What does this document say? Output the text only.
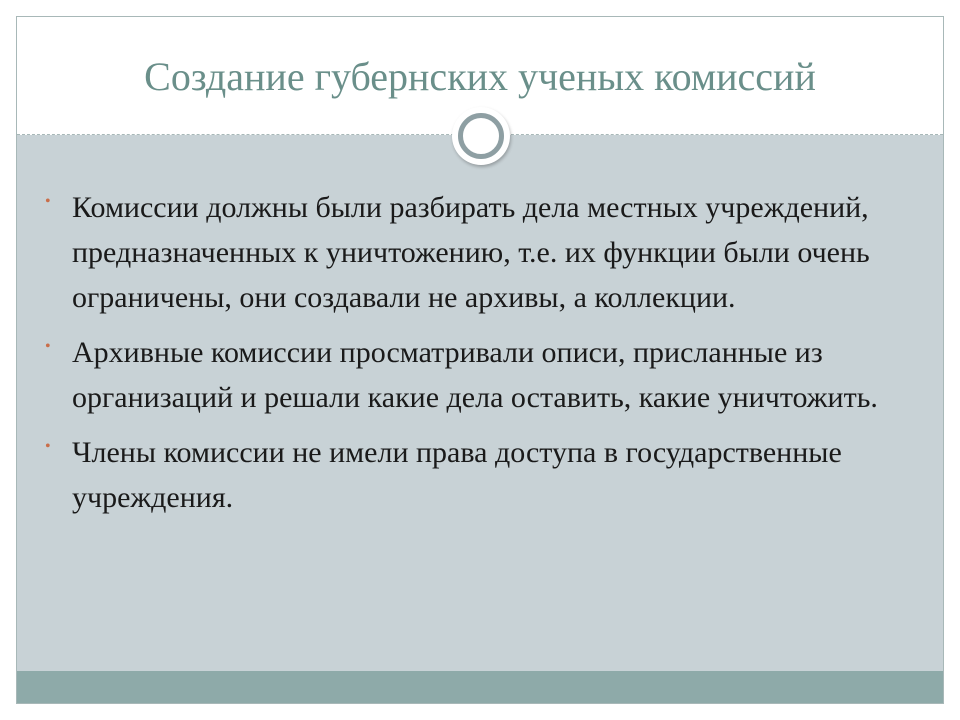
Создание губернских ученых комиссий
• Комиссии должны были разбирать дела местных учреждений, предназначенных к уничтожению, т.е. их функции были очень ограничены, они создавали не архивы, а коллекции.
• Архивные комиссии просматривали описи, присланные из организаций и решали какие дела оставить, какие уничтожить.
• Члены комиссии не имели права доступа в государственные учреждения.
